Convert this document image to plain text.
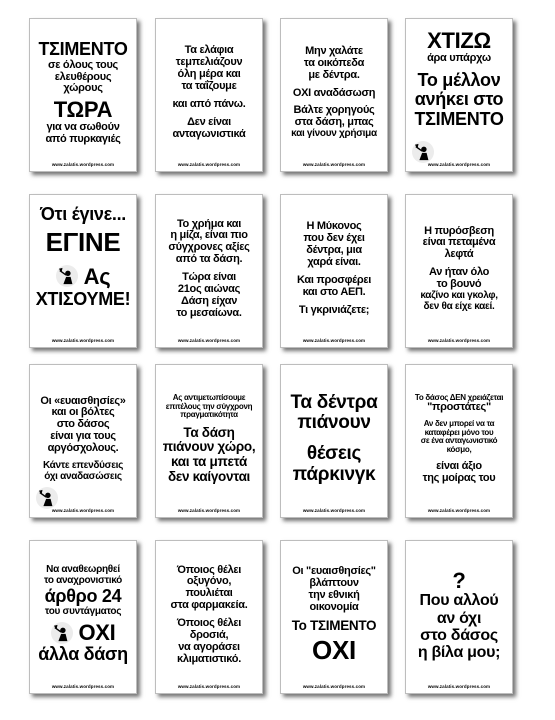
ΤΣΙΜΕΝΤΟ
σε όλους τους
ελευθέρους
χώρους
ΤΩΡΑ
για να σωθούν
από πυρκαγιές
www.zalatis.wordpress.com
Τα ελάφια
τεμπελιάζουν
όλη μέρα και
τα ταΐζουμε
και από πάνω.
Δεν είναι
ανταγωνιστικά
www.zalatis.wordpress.com
Μην χαλάτε
τα οικόπεδα
με δέντρα.
ΟΧΙ αναδάσωση
Βάλτε χορηγούς
στα δάση, μπας
και γίνουν χρήσιμα
www.zalatis.wordpress.com
ΧΤΙΖΩ
άρα υπάρχω
Το μέλλον
ανήκει στο
ΤΣΙΜΕΝΤΟ
www.zalatis.wordpress.com
Ότι έγινε...
ΕΓΙΝΕ
Ας
ΧΤΙΣΟΥΜΕ!
www.zalatis.wordpress.com
Το χρήμα και
η μίζα, είναι πιο
σύγχρονες αξίες
από τα δάση.
Τώρα είναι
21ος αιώνας
Δάση είχαν
το μεσαίωνα.
www.zalatis.wordpress.com
Η Μύκονος
που δεν έχει
δέντρα, μια
χαρά είναι.
Και προσφέρει
και στο ΑΕΠ.
Τι γκρινιάζετε;
www.zalatis.wordpress.com
Η πυρόσβεση
είναι πεταμένα
λεφτά
Αν ήταν όλο
το βουνό
καζίνο και γκολφ,
δεν θα είχε καεί.
www.zalatis.wordpress.com
Οι «ευαισθησίες»
και οι βόλτες
στο δάσος
είναι για τους
αργόσχολους.
Κάντε επενδύσεις
όχι αναδασώσεις
www.zalatis.wordpress.com
Ας αντιμετωπίσουμε
επιτέλους την σύγχρονη
πραγματικότητα
Τα δάση
πιάνουν χώρο,
και τα μπετά
δεν καίγονται
www.zalatis.wordpress.com
Τα δέντρα
πιάνουν
θέσεις
πάρκινγκ
www.zalatis.wordpress.com
Το δάσος ΔΕΝ χρειάζεται
"προστάτες"
Αν δεν μπορεί να τα
καταφέρει μόνο του
σε ένα ανταγωνιστικό
κόσμο,
είναι άξιο
της μοίρας του
www.zalatis.wordpress.com
Να αναθεωρηθεί
το αναχρονιστικό
άρθρο 24
του συντάγματος
ΟΧΙ
άλλα δάση
www.zalatis.wordpress.com
Όποιος θέλει
οξυγόνο,
πουλιέται
στα φαρμακεία.
Όποιος θέλει
δροσιά,
να αγοράσει
κλιματιστικό.
www.zalatis.wordpress.com
Οι "ευαισθησίες"
βλάπτουν
την εθνική
οικονομία
Το ΤΣΙΜΕΝΤΟ
ΟΧΙ
www.zalatis.wordpress.com
?
Που αλλού
αν όχι
στο δάσος
η βίλα μου;
www.zalatis.wordpress.com
